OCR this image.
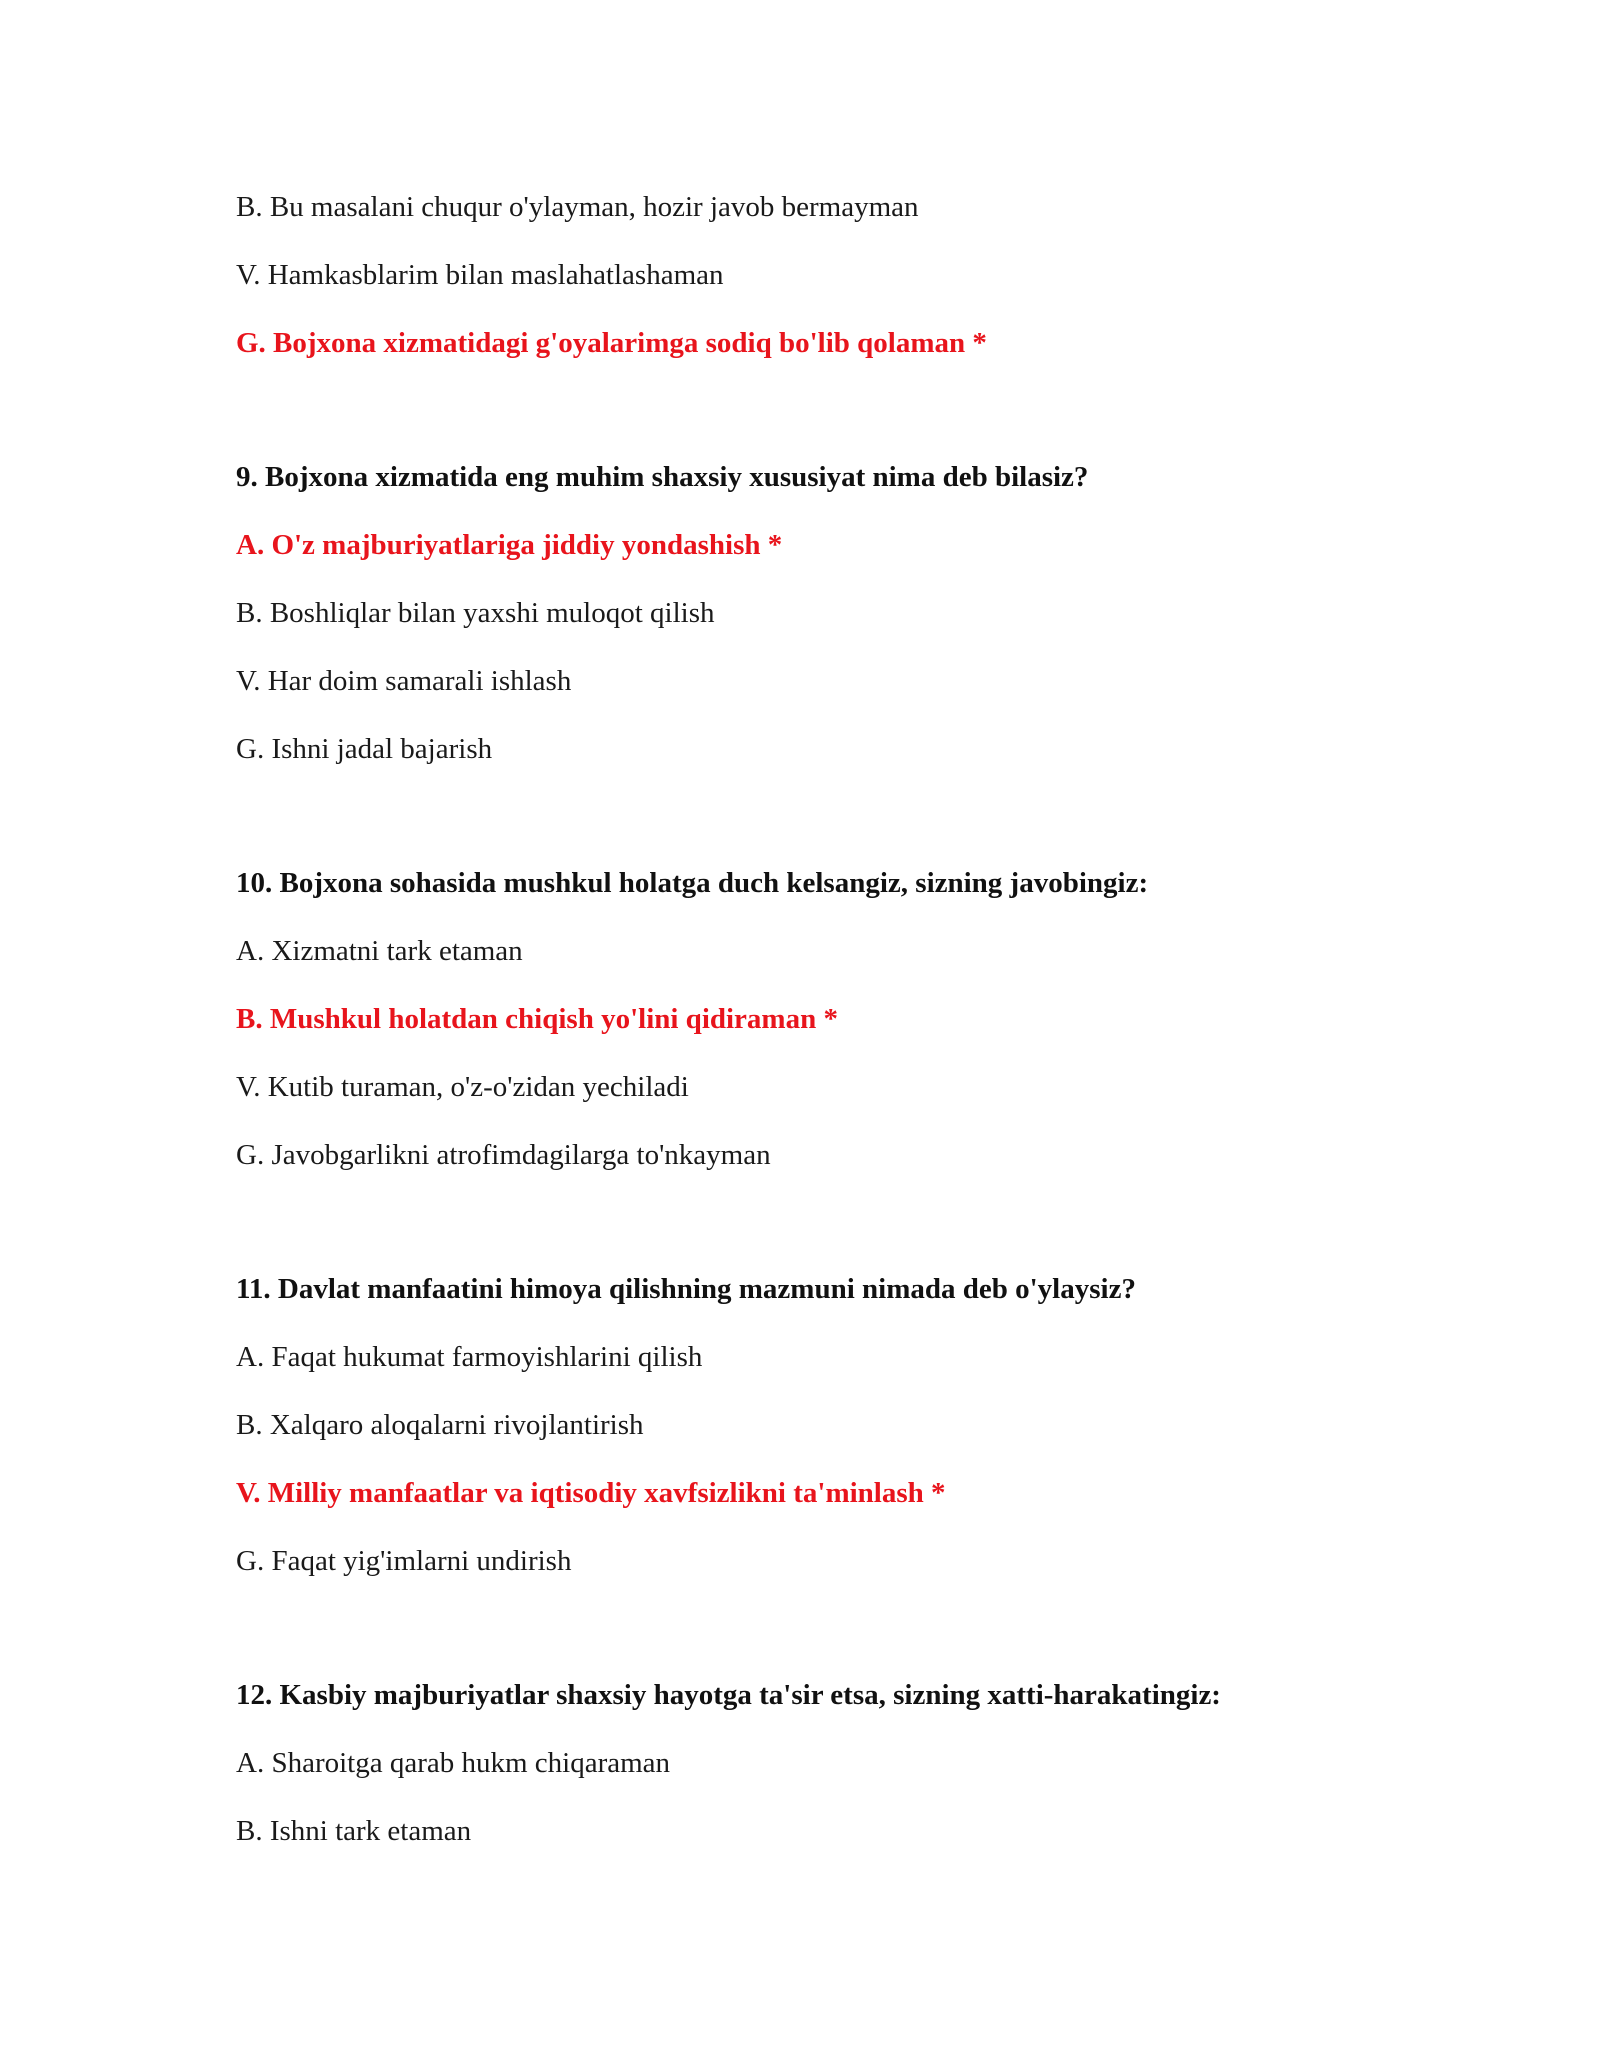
B. Bu masalani chuqur o'ylayman, hozir javob bermayman
V. Hamkasblarim bilan maslahatlashaman
G. Bojxona xizmatidagi g'oyalarimga sodiq bo'lib qolaman *
9. Bojxona xizmatida eng muhim shaxsiy xususiyat nima deb bilasiz?
A. O'z majburiyatlariga jiddiy yondashish *
B. Boshliqlar bilan yaxshi muloqot qilish
V. Har doim samarali ishlash
G. Ishni jadal bajarish
10. Bojxona sohasida mushkul holatga duch kelsangiz, sizning javobingiz:
A. Xizmatni tark etaman
B. Mushkul holatdan chiqish yo'lini qidiraman *
V. Kutib turaman, o'z-o'zidan yechiladi
G. Javobgarlikni atrofimdagilarga to'nkayman
11. Davlat manfaatini himoya qilishning mazmuni nimada deb o'ylaysiz?
A. Faqat hukumat farmoyishlarini qilish
B. Xalqaro aloqalarni rivojlantirish
V. Milliy manfaatlar va iqtisodiy xavfsizlikni ta'minlash *
G. Faqat yig'imlarni undirish
12. Kasbiy majburiyatlar shaxsiy hayotga ta'sir etsa, sizning xatti-harakatingiz:
A. Sharoitga qarab hukm chiqaraman
B. Ishni tark etaman
